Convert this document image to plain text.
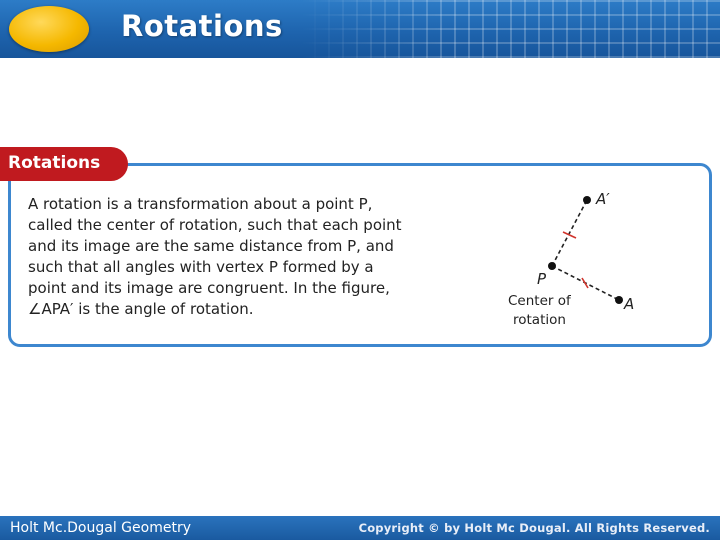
Rotations
Rotations

A rotation is a transformation about a point P,

called the center of rotation, such that each point

and its image are the same distance from P, and

such that all angles with vertex P formed by a

point and its image are congruent. In the figure,

∠APA′ is the angle of rotation.

A′
P
A
Center of
rotation
Holt Mc.Dougal Geometry	Copyright © by Holt Mc Dougal. All Rights Reserved.
